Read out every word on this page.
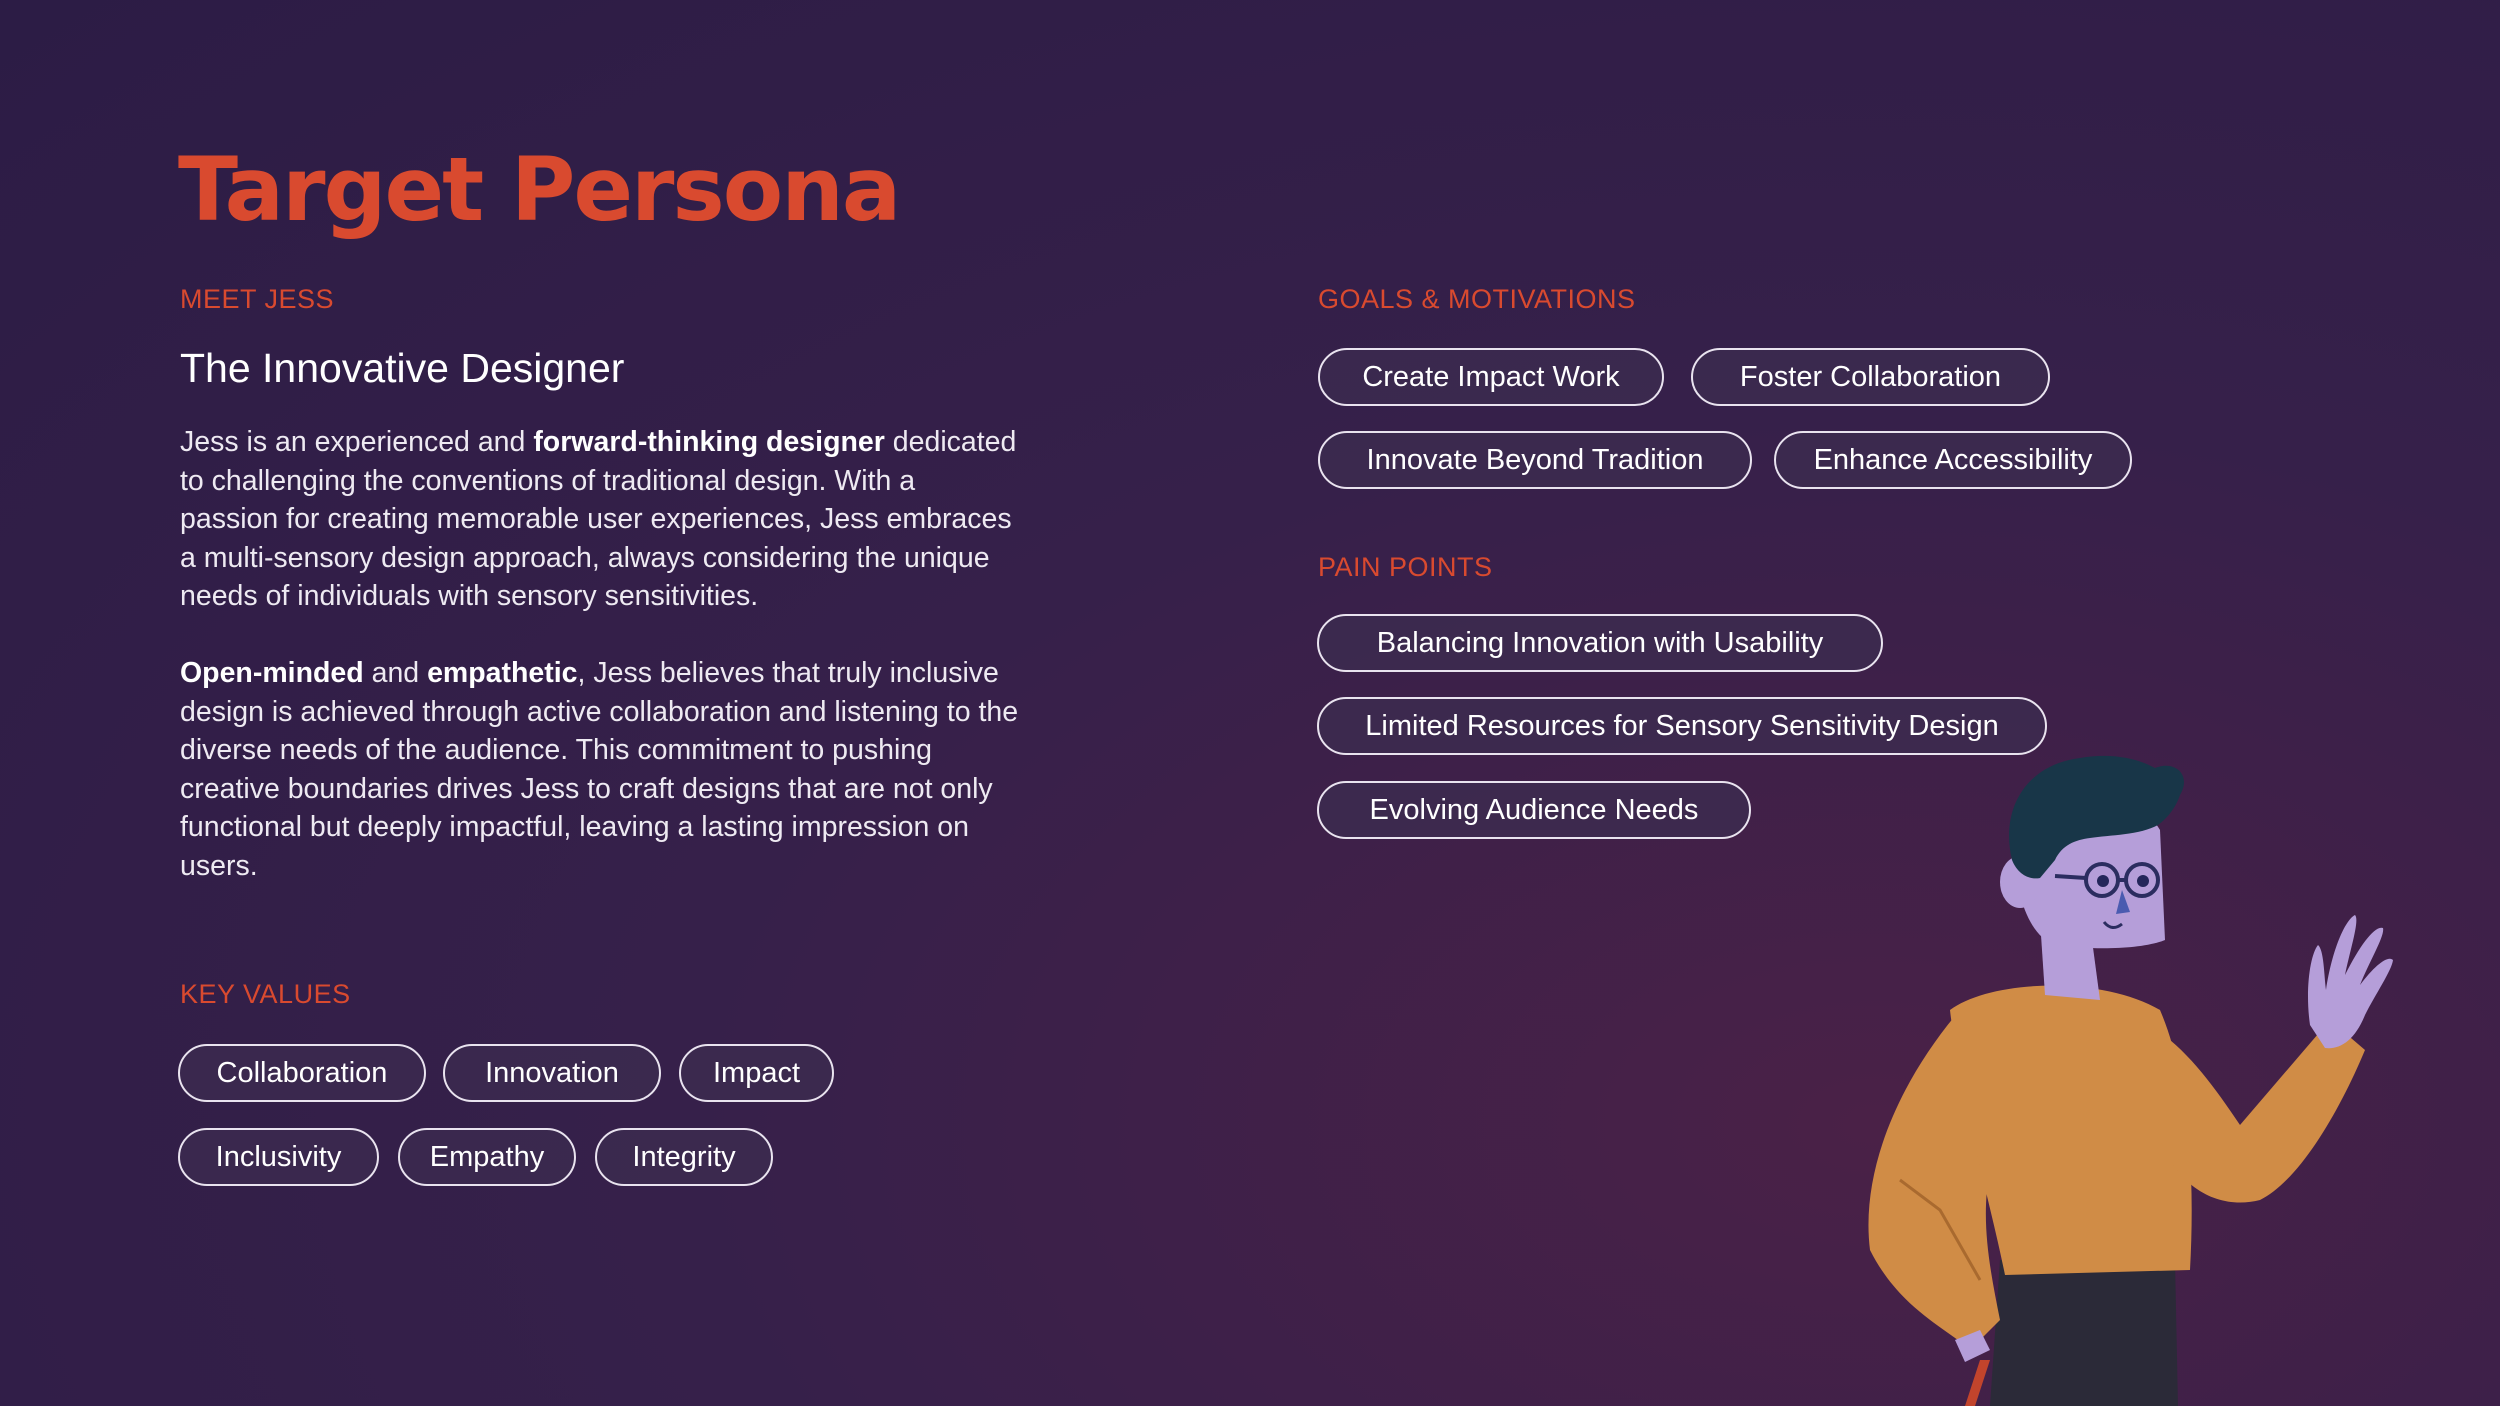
Target Persona
MEET JESS
The Innovative Designer

Jess is an experienced and forward-thinking designer dedicated to challenging the conventions of traditional design. With a passion for creating memorable user experiences, Jess embraces a multi-sensory design approach, always considering the unique needs of individuals with sensory sensitivities.

Open-minded and empathetic, Jess believes that truly inclusive design is achieved through active collaboration and listening to the diverse needs of the audience. This commitment to pushing creative boundaries drives Jess to craft designs that are not only functional but deeply impactful, leaving a lasting impression on users.

KEY VALUES
Collaboration	Innovation	Impact
Inclusivity	Empathy	Integrity
GOALS & MOTIVATIONS
Create Impact Work	Foster Collaboration
Innovate Beyond Tradition	Enhance Accessibility
PAIN POINTS
Balancing Innovation with Usability
Limited Resources for Sensory Sensitivity Design
Evolving Audience Needs
